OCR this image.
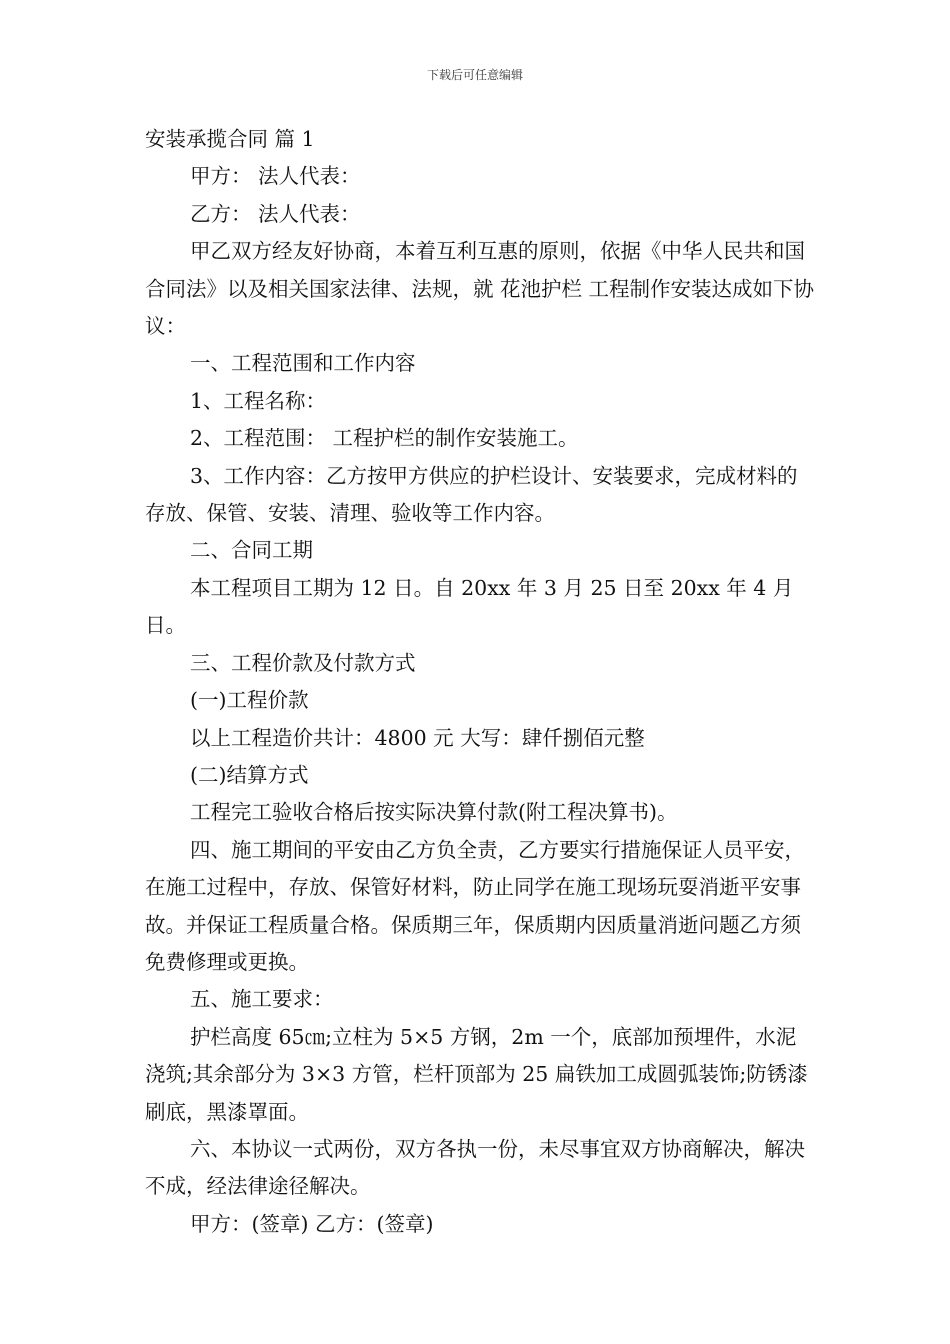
下载后可任意编辑

安装承揽合同 篇 1

甲方： 法人代表：

乙方： 法人代表：

甲乙双方经友好协商，本着互利互惠的原则，依据《中华人民共和国合同法》以及相关国家法律、法规，就 花池护栏 工程制作安装达成如下协议：

一、工程范围和工作内容

1、工程名称：

2、工程范围： 工程护栏的制作安装施工。

3、工作内容：乙方按甲方供应的护栏设计、安装要求，完成材料的存放、保管、安装、清理、验收等工作内容。

二、合同工期

本工程项目工期为 12 日。自 20xx 年 3 月 25 日至 20xx 年 4 月日。

三、工程价款及付款方式

(一)工程价款

以上工程造价共计：4800 元 大写：肆仟捌佰元整

(二)结算方式

工程完工验收合格后按实际决算付款(附工程决算书)。

四、施工期间的平安由乙方负全责，乙方要实行措施保证人员平安，在施工过程中，存放、保管好材料，防止同学在施工现场玩耍消逝平安事故。并保证工程质量合格。保质期三年，保质期内因质量消逝问题乙方须免费修理或更换。

五、施工要求：

护栏高度 65㎝;立柱为 5×5 方钢，2m 一个，底部加预埋件，水泥浇筑;其余部分为 3×3 方管，栏杆顶部为 25 扁铁加工成圆弧装饰;防锈漆刷底，黑漆罩面。

六、本协议一式两份，双方各执一份，未尽事宜双方协商解决，解决不成，经法律途径解决。

甲方：(签章) 乙方：(签章)
